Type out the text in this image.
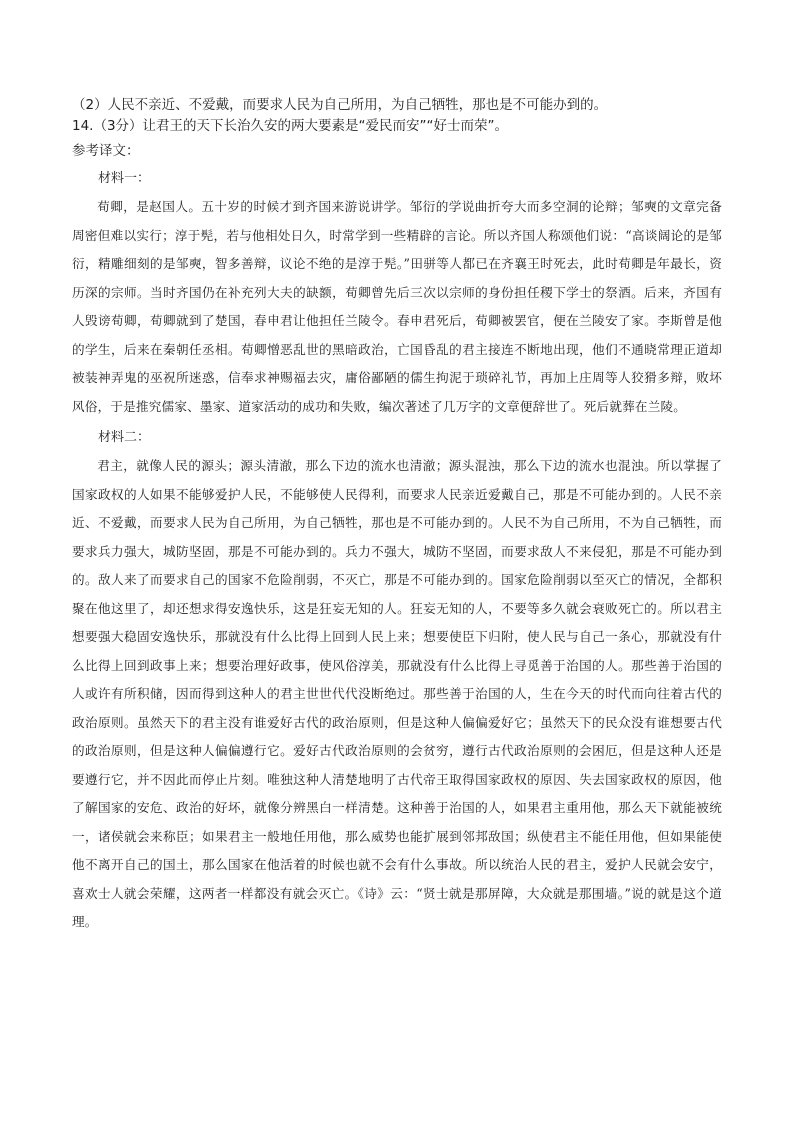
（2）人民不亲近、不爱戴，而要求人民为自己所用，为自己牺牲，那也是不可能办到的。

14.（3分）让君王的天下长治久安的两大要素是“爱民而安”“好士而荣”。

参考译文：

材料一：

荀卿，是赵国人。五十岁的时候才到齐国来游说讲学。邹衍的学说曲折夸大而多空洞的论辩；邹奭的文章完备周密但难以实行；淳于髡，若与他相处日久，时常学到一些精辟的言论。所以齐国人称颂他们说：“高谈阔论的是邹衍，精雕细刻的是邹奭，智多善辩，议论不绝的是淳于髡。”田骈等人都已在齐襄王时死去，此时荀卿是年最长，资历深的宗师。当时齐国仍在补充列大夫的缺额，荀卿曾先后三次以宗师的身份担任稷下学士的祭酒。后来，齐国有人毁谤荀卿，荀卿就到了楚国，春申君让他担任兰陵令。春申君死后，荀卿被罢官，便在兰陵安了家。李斯曾是他的学生，后来在秦朝任丞相。荀卿憎恶乱世的黑暗政治，亡国昏乱的君主接连不断地出现，他们不通晓常理正道却被装神弄鬼的巫祝所迷惑，信奉求神赐福去灾，庸俗鄙陋的儒生拘泥于琐碎礼节，再加上庄周等人狡猾多辩，败坏风俗，于是推究儒家、墨家、道家活动的成功和失败，编次著述了几万字的文章便辞世了。死后就葬在兰陵。

材料二：

君主，就像人民的源头；源头清澈，那么下边的流水也清澈；源头混浊，那么下边的流水也混浊。所以掌握了国家政权的人如果不能够爱护人民，不能够使人民得利，而要求人民亲近爱戴自己，那是不可能办到的。人民不亲近、不爱戴，而要求人民为自己所用，为自己牺牲，那也是不可能办到的。人民不为自己所用，不为自己牺牲，而要求兵力强大，城防坚固，那是不可能办到的。兵力不强大，城防不坚固，而要求敌人不来侵犯，那是不可能办到的。敌人来了而要求自己的国家不危险削弱，不灭亡，那是不可能办到的。国家危险削弱以至灭亡的情况，全都积聚在他这里了，却还想求得安逸快乐，这是狂妄无知的人。狂妄无知的人，不要等多久就会衰败死亡的。所以君主想要强大稳固安逸快乐，那就没有什么比得上回到人民上来；想要使臣下归附，使人民与自己一条心，那就没有什么比得上回到政事上来；想要治理好政事，使风俗淳美，那就没有什么比得上寻觅善于治国的人。那些善于治国的人或许有所积储，因而得到这种人的君主世世代代没断绝过。那些善于治国的人，生在今天的时代而向往着古代的政治原则。虽然天下的君主没有谁爱好古代的政治原则，但是这种人偏偏爱好它；虽然天下的民众没有谁想要古代的政治原则，但是这种人偏偏遵行它。爱好古代政治原则的会贫穷，遵行古代政治原则的会困厄，但是这种人还是要遵行它，并不因此而停止片刻。唯独这种人清楚地明了古代帝王取得国家政权的原因、失去国家政权的原因，他了解国家的安危、政治的好坏，就像分辨黑白一样清楚。这种善于治国的人，如果君主重用他，那么天下就能被统一，诸侯就会来称臣；如果君主一般地任用他，那么威势也能扩展到邻邦敌国；纵使君主不能任用他，但如果能使他不离开自己的国土，那么国家在他活着的时候也就不会有什么事故。所以统治人民的君主，爱护人民就会安宁，喜欢士人就会荣耀，这两者一样都没有就会灭亡。《诗》云：“贤士就是那屏障，大众就是那围墙。”说的就是这个道理。
